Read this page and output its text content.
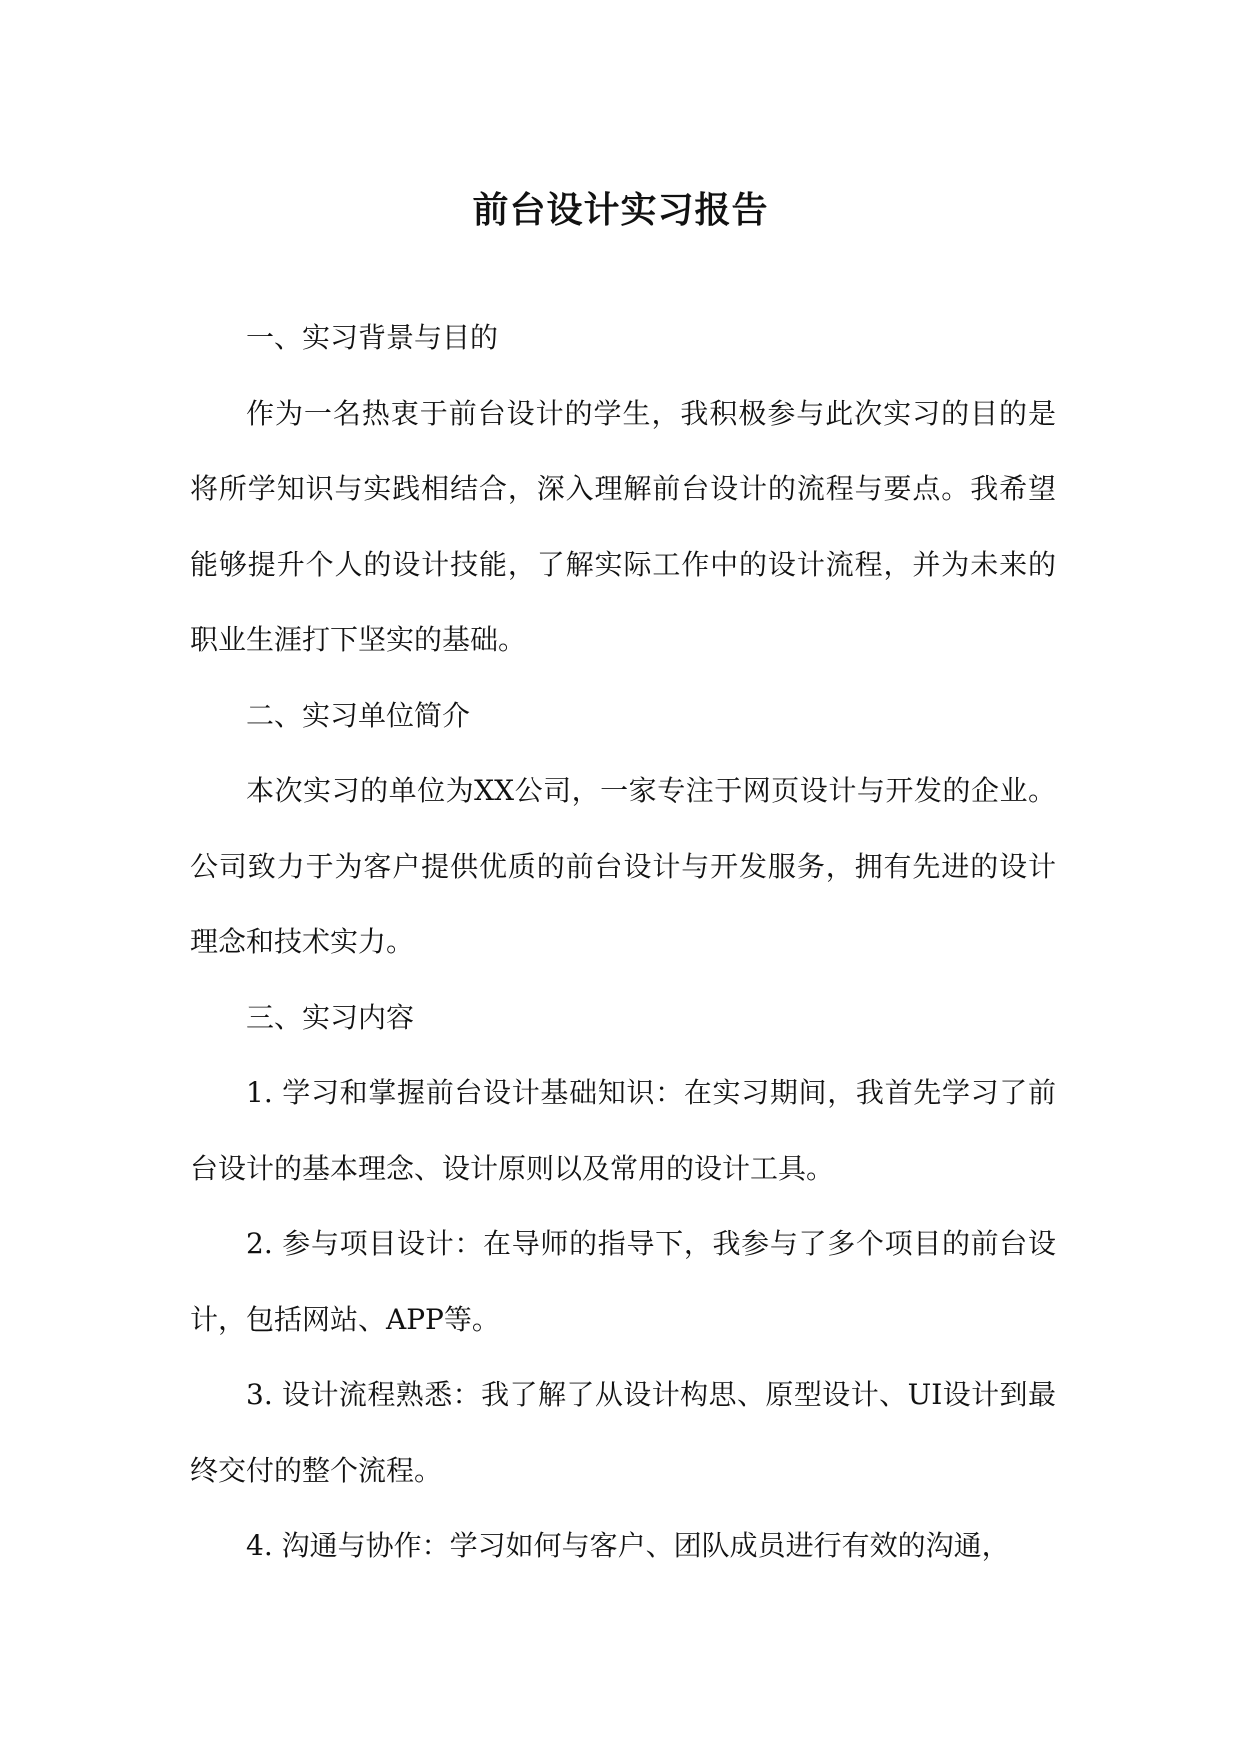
前台设计实习报告

一、实习背景与目的

作为一名热衷于前台设计的学生，我积极参与此次实习的目的是将所学知识与实践相结合，深入理解前台设计的流程与要点。我希望能够提升个人的设计技能，了解实际工作中的设计流程，并为未来的职业生涯打下坚实的基础。

二、实习单位简介

本次实习的单位为XX公司，一家专注于网页设计与开发的企业。公司致力于为客户提供优质的前台设计与开发服务，拥有先进的设计理念和技术实力。

三、实习内容

1. 学习和掌握前台设计基础知识：在实习期间，我首先学习了前台设计的基本理念、设计原则以及常用的设计工具。

2. 参与项目设计：在导师的指导下，我参与了多个项目的前台设计，包括网站、APP等。

3. 设计流程熟悉：我了解了从设计构思、原型设计、UI设计到最终交付的整个流程。

4. 沟通与协作：学习如何与客户、团队成员进行有效的沟通，
